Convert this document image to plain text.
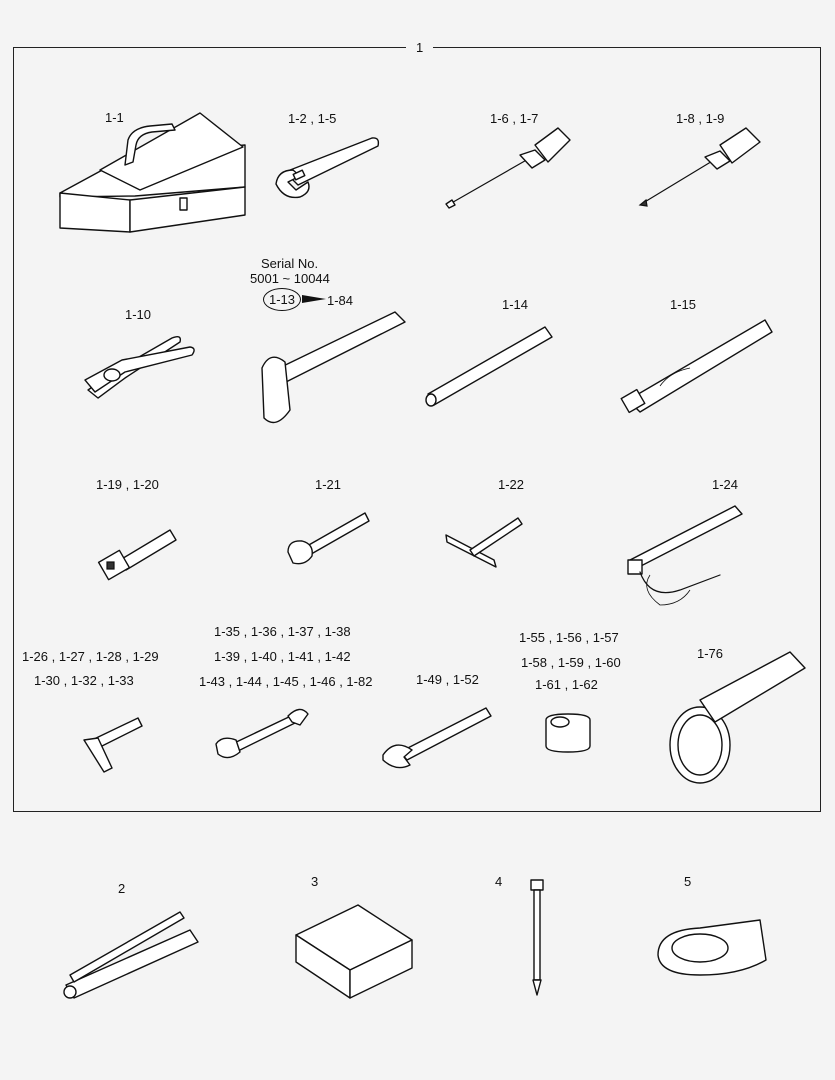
1
1-1	1-2 , 1-5	1-6 , 1-7	1-8 , 1-9
Serial No.
5001 ~ 10044
1-13	1-84
1-10
1-14	1-15
1-19 , 1-20	1-21	1-22	1-24
1-26 , 1-27 , 1-28 , 1-29
1-30 , 1-32 , 1-33
1-35 , 1-36 , 1-37 , 1-38
1-39 , 1-40 , 1-41 , 1-42
1-43 , 1-44 , 1-45 , 1-46 , 1-82	1-49 , 1-52
1-55 , 1-56 , 1-57
1-58 , 1-59 , 1-60
1-61 , 1-62
1-76
2	3	4	5
